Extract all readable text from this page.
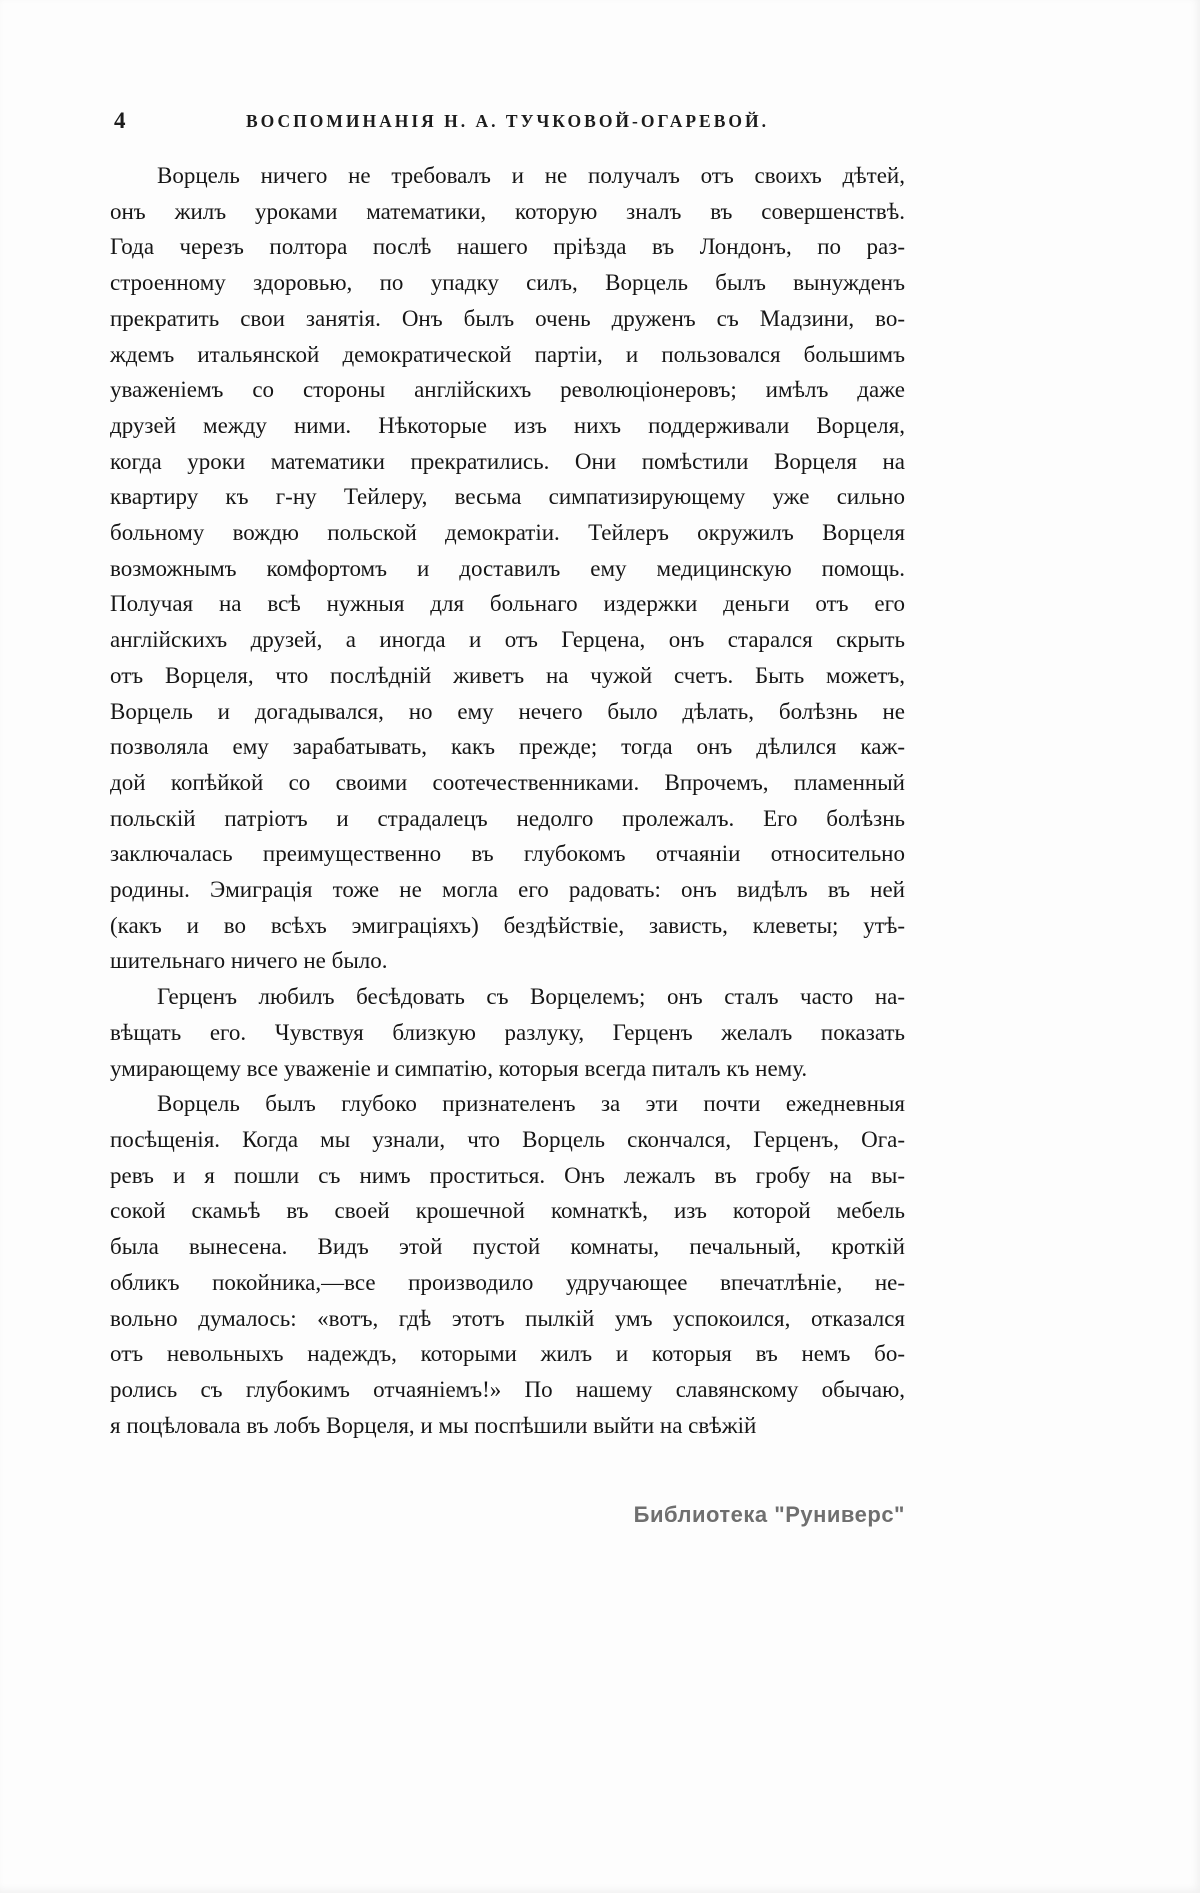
4	ВОСПОМИНАНІЯ Н. А. ТУЧКОВОЙ-ОГАРЕВОЙ.
Ворцель ничего не требовалъ и не получалъ отъ своихъ дѣтей,
онъ жилъ уроками математики, которую зналъ въ совершенствѣ.
Года черезъ полтора послѣ нашего пріѣзда въ Лондонъ, по раз-
строенному здоровью, по упадку силъ, Ворцель былъ вынужденъ
прекратить свои занятія. Онъ былъ очень друженъ съ Мадзини, во-
ждемъ итальянской демократической партіи, и пользовался большимъ
уваженіемъ со стороны англійскихъ революціонеровъ; имѣлъ даже
друзей между ними. Нѣкоторые изъ нихъ поддерживали Ворцеля,
когда уроки математики прекратились. Они помѣстили Ворцеля на
квартиру къ г-ну Тейлеру, весьма симпатизирующему уже сильно
больному вождю польской демократіи. Тейлеръ окружилъ Ворцеля
возможнымъ комфортомъ и доставилъ ему медицинскую помощь.
Получая на всѣ нужныя для больнаго издержки деньги отъ его
англійскихъ друзей, а иногда и отъ Герцена, онъ старался скрыть
отъ Ворцеля, что послѣдній живетъ на чужой счетъ. Быть можетъ,
Ворцель и догадывался, но ему нечего было дѣлать, болѣзнь не
позволяла ему зарабатывать, какъ прежде; тогда онъ дѣлился каж-
дой копѣйкой со своими соотечественниками. Впрочемъ, пламенный
польскій патріотъ и страдалецъ недолго пролежалъ. Его болѣзнь
заключалась преимущественно въ глубокомъ отчаяніи относительно
родины. Эмиграція тоже не могла его радовать: онъ видѣлъ въ ней
(какъ и во всѣхъ эмиграціяхъ) бездѣйствіе, зависть, клеветы; утѣ-
шительнаго ничего не было.
Герценъ любилъ бесѣдовать съ Ворцелемъ; онъ сталъ часто на-
вѣщать его. Чувствуя близкую разлуку, Герценъ желалъ показать
умирающему все уваженіе и симпатію, которыя всегда питалъ къ нему.
Ворцель былъ глубоко признателенъ за эти почти ежедневныя
посѣщенія. Когда мы узнали, что Ворцель скончался, Герценъ, Ога-
ревъ и я пошли съ нимъ проститься. Онъ лежалъ въ гробу на вы-
сокой скамьѣ въ своей крошечной комнаткѣ, изъ которой мебель
была вынесена. Видъ этой пустой комнаты, печальный, кроткій
обликъ покойника,—все производило удручающее впечатлѣніе, не-
вольно думалось: «вотъ, гдѣ этотъ пылкій умъ успокоился, отказался
отъ невольныхъ надеждъ, которыми жилъ и которыя въ немъ бо-
ролись съ глубокимъ отчаяніемъ!» По нашему славянскому обычаю,
я поцѣловала въ лобъ Ворцеля, и мы поспѣшили выйти на свѣжій
Библиотека "Руниверс"
